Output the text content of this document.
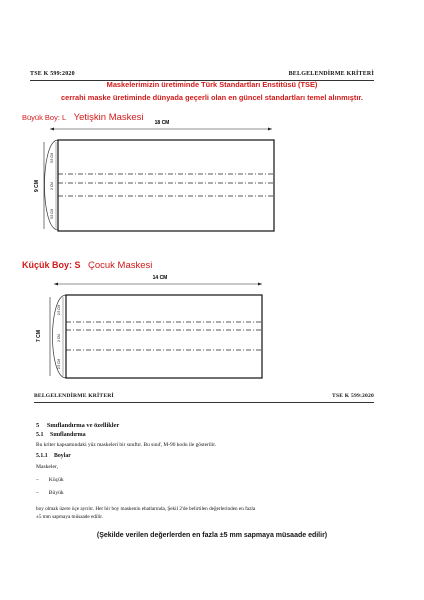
TSE K 599:2020	BELGELENDİRME KRİTERİ
Maskelerimizin üretiminde Türk Standartları Enstitüsü (TSE)
cerrahi maske üretiminde dünyada geçerli olan en güncel standartları temel alınmıştır.
Büyük Boy: L Yetişkin Maskesi 18 CM
9 CM
3.5 CM
2 CM
3.5 CM
Küçük Boy: S Çocuk Maskesi
14 CM
7 CM
2.5 CM
2 CM
2.5 CM
BELGELENDİRME KRİTERİ	TSE K 599:2020
5 Sınıflandırma ve özellikler
5.1 Sınıflandırma
Bu kriter kapsamındaki yüz maskeleri bir sınıftır. Bu sınıf, M-90 kodu ile gösterilir.
5.1.1 Boylar
Maskeler,
– Küçük
– Büyük
boy olmak üzere üçe ayrılır. Her bir boy maskenin ebatlarında, Şekil 2'de belirtilen değerlerinden en fazla
±5 mm sapmaya müsaade edilir.
(Şekilde verilen değerlerden en fazla ±5 mm sapmaya müsaade edilir)
